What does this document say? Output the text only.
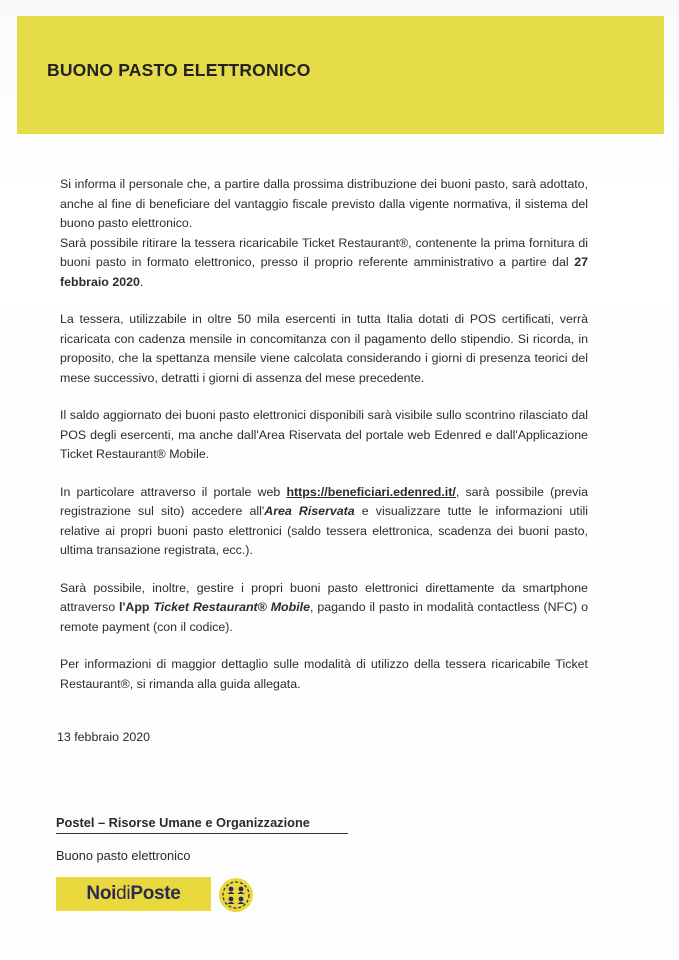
BUONO PASTO ELETTRONICO

Si informa il personale che, a partire dalla prossima distribuzione dei buoni pasto, sarà adottato, anche al fine di beneficiare del vantaggio fiscale previsto dalla vigente normativa, il sistema del buono pasto elettronico.

Sarà possibile ritirare la tessera ricaricabile Ticket Restaurant®, contenente la prima fornitura di buoni pasto in formato elettronico, presso il proprio referente amministrativo a partire dal 27 febbraio 2020.

La tessera, utilizzabile in oltre 50 mila esercenti in tutta Italia dotati di POS certificati, verrà ricaricata con cadenza mensile in concomitanza con il pagamento dello stipendio. Si ricorda, in proposito, che la spettanza mensile viene calcolata considerando i giorni di presenza teorici del mese successivo, detratti i giorni di assenza del mese precedente.

Il saldo aggiornato dei buoni pasto elettronici disponibili sarà visibile sullo scontrino rilasciato dal POS degli esercenti, ma anche dall'Area Riservata del portale web Edenred e dall'Applicazione Ticket Restaurant® Mobile.

In particolare attraverso il portale web https://beneficiari.edenred.it/, sarà possibile (previa registrazione sul sito) accedere all'Area Riservata e visualizzare tutte le informazioni utili relative ai propri buoni pasto elettronici (saldo tessera elettronica, scadenza dei buoni pasto, ultima transazione registrata, ecc.).

Sarà possibile, inoltre, gestire i propri buoni pasto elettronici direttamente da smartphone attraverso l'App Ticket Restaurant® Mobile, pagando il pasto in modalità contactless (NFC) o remote payment (con il codice).

Per informazioni di maggior dettaglio sulle modalità di utilizzo della tessera ricaricabile Ticket Restaurant®, si rimanda alla guida allegata.

13 febbraio 2020
Postel – Risorse Umane e Organizzazione
Buono pasto elettronico
NoidiPoste
